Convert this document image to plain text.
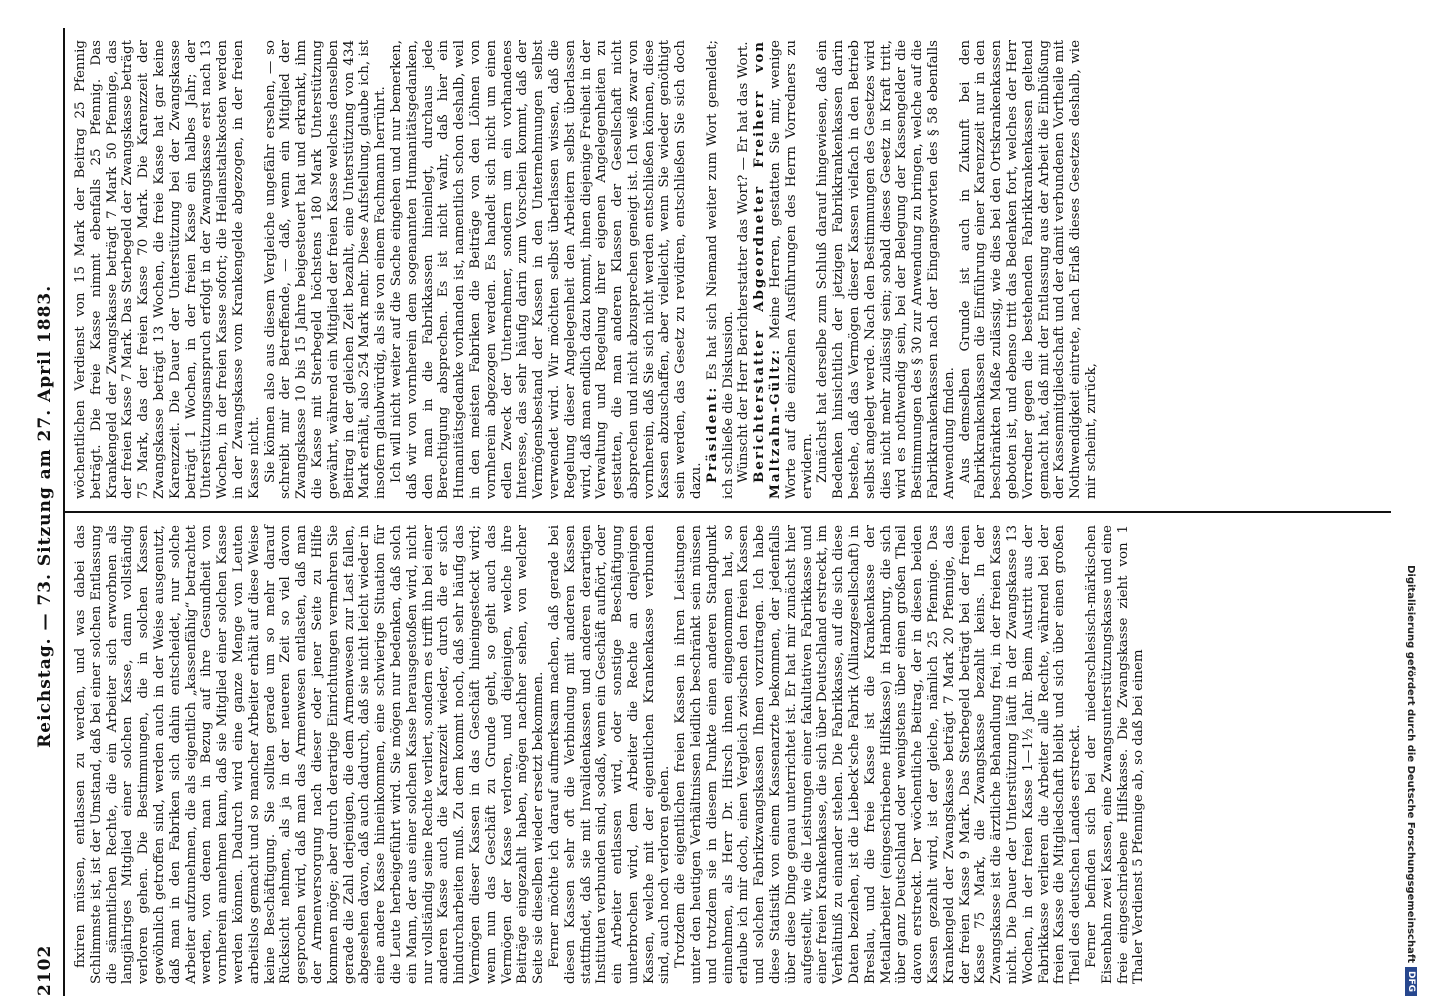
2102
Reichstag. — 73. Sitzung am 27. April 1883. fixiren müssen, entlassen zu werden, und was dabei das Schlimmste ist, ist der Umstand, daß bei einer solchen Entlassung die sämmtlichen Rechte, die ein Arbeiter sich erworbnen als langjähriges Mitglied einer solchen Kasse, dann vollständig verloren gehen. Die Bestimmungen, die in solchen Kassen gewöhnlich getroffen sind, werden auch in der Weise ausgenutzt, daß man in den Fabriken sich dahin entscheidet, nur solche Arbeiter aufzunehmen, die als eigentlich „kassenfähig“ betrachtet werden, von denen man in Bezug auf ihre Gesundheit von vornherein annehmen kann, daß sie Mitglied einer solchen Kasse werden können. Dadurch wird eine ganze Menge von Leuten arbeitslos gemacht und so mancher Arbeiter erhält auf diese Weise keine Beschäftigung. Sie sollten gerade um so mehr darauf Rücksicht nehmen, als ja in der neueren Zeit so viel davon gesprochen wird, daß man das Armenwesen entlasten, daß man der Armenversorgung nach dieser oder jener Seite zu Hilfe kommen möge; aber durch derartige Einrichtungen vermehren Sie gerade die Zahl derjenigen, die dem Armenwesen zur Last fallen, abgesehen davon, daß auch dadurch, daß sie nicht leicht wieder in eine andere Kasse hineinkommen, eine schwierige Situation für die Leute herbeigeführt wird. Sie mögen nur bedenken, daß solch ein Mann, der aus einer solchen Kasse herausgestoßen wird, nicht nur vollständig seine Rechte verliert, sondern es trifft ihn bei einer anderen Kasse auch die Karenzzeit wieder, durch die er sich hindurcharbeiten muß. Zu dem kommt noch, daß sehr häufig das Vermögen dieser Kassen in das Geschäft hineingesteckt wird; wenn nun das Geschäft zu Grunde geht, so geht auch das Vermögen der Kasse verloren, und diejenigen, welche ihre Beiträge eingezahlt haben, mögen nachher sehen, von welcher Seite sie dieselben wieder ersetzt bekommen. Ferner möchte ich darauf aufmerksam machen, daß gerade bei diesen Kassen sehr oft die Verbindung mit anderen Kassen stattfindet, daß sie mit Invalidenkassen und anderen derartigen Instituten verbunden sind, sodaß, wenn ein Geschäft aufhört, oder ein Arbeiter entlassen wird, oder sonstige Beschäftigung unterbrochen wird, dem Arbeiter die Rechte an denjenigen Kassen, welche mit der eigentlichen Krankenkasse verbunden sind, auch noch verloren gehen. Trotzdem die eigentlichen freien Kassen in ihren Leistungen unter den heutigen Verhältnissen leidlich beschränkt sein müssen und trotzdem sie in diesem Punkte einen anderen Standpunkt einnehmen, als Herr Dr. Hirsch ihnen eingenommen hat, so erlaube ich mir doch, einen Vergleich zwischen den freien Kassen und solchen Fabrikzwangskassen Ihnen vorzutragen. Ich habe diese Statistik von einem Kassenarzte bekommen, der jedenfalls über diese Dinge genau unterrichtet ist. Er hat mir zunächst hier aufgestellt, wie die Leistungen einer fakultativen Fabrikkasse und einer freien Krankenkasse, die sich über Deutschland erstreckt, im Verhältniß zu einander stehen. Die Fabrikkasse, auf die sich diese Daten beziehen, ist die Liebeck'sche Fabrik (Allianzgesellschaft) in Breslau, und die freie Kasse ist die Krankenkasse der Metallarbeiter (eingeschriebene Hilfskasse) in Hamburg, die sich über ganz Deutschland oder wenigstens über einen großen Theil davon erstreckt. Der wöchentliche Beitrag, der in diesen beiden Kassen gezahlt wird, ist der gleiche, nämlich 25 Pfennige. Das Krankengeld der Zwangskasse beträgt 7 Mark 20 Pfennige, das der freien Kasse 9 Mark. Das Sterbegeld beträgt bei der freien Kasse 75 Mark, die Zwangskasse bezahlt keins. In der Zwangskasse ist die ärztliche Behandlung frei, in der freien Kasse nicht. Die Dauer der Unterstützung läuft in der Zwangskasse 13 Wochen, in der freien Kasse 1—1½ Jahr. Beim Austritt aus der Fabrikkasse verlieren die Arbeiter alle Rechte, während bei der freien Kasse die Mitgliedschaft bleibt und sich über einen großen Theil des deutschen Landes erstreckt. Ferner befinden sich bei der niederschlesisch-märkischen Eisenbahn zwei Kassen, eine Zwangsunterstützungskasse und eine freie eingeschriebene Hilfskasse. Die Zwangskasse zieht von 1 Thaler Verdienst 5 Pfennige ab, so daß bei einem

wöchentlichen Verdienst von 15 Mark der Beitrag 25 Pfennig beträgt. Die freie Kasse nimmt ebenfalls 25 Pfennig. Das Krankengeld der Zwangskasse beträgt 7 Mark 50 Pfennige, das der freien Kasse 7 Mark. Das Sterbegeld der Zwangskasse beträgt 75 Mark, das der freien Kasse 70 Mark. Die Karenzzeit der Zwangskasse beträgt 13 Wochen, die freie Kasse hat gar keine Karenzzeit. Die Dauer der Unterstützung bei der Zwangskasse beträgt 1 Wochen, in der freien Kasse ein halbes Jahr; der Unterstützungsanspruch erfolgt in der Zwangskasse erst nach 13 Wochen, in der freien Kasse sofort; die Heilanstaltskosten werden in der Zwangskasse vom Krankengelde abgezogen, in der freien Kasse nicht. Sie können also aus diesem Vergleiche ungefähr ersehen, — so schreibt mir der Betreffende, — daß, wenn ein Mitglied der Zwangskasse 10 bis 15 Jahre beigesteuert hat und erkrankt, ihm die Kasse mit Sterbegeld höchstens 180 Mark Unterstützung gewährt, während ein Mitglied der freien Kasse welches denselben Beitrag in der gleichen Zeit bezahlt, eine Unterstützung von 434 Mark erhält, also 254 Mark mehr. Diese Aufstellung, glaube ich, ist insofern glaubwürdig, als sie von einem Fachmann herrührt. Ich will nicht weiter auf die Sache eingehen und nur bemerken, daß wir von vornherein dem sogenannten Humanitätsgedanken, den man in die Fabrikkassen hineinlegt, durchaus jede Berechtigung absprechen. Es ist nicht wahr, daß hier ein Humanitätsgedanke vorhanden ist, namentlich schon deshalb, weil in den meisten Fabriken die Beiträge von den Löhnen von vornherein abgezogen werden. Es handelt sich nicht um einen edlen Zweck der Unternehmer, sondern um ein vorhandenes Interesse, das sehr häufig darin zum Vorschein kommt, daß der Vermögensbestand der Kassen in den Unternehmungen selbst verwendet wird. Wir möchten selbst überlassen wissen, daß die Regelung dieser Angelegenheit den Arbeitern selbst überlassen wird, daß man endlich dazu kommt, ihnen diejenige Freiheit in der Verwaltung und Regelung ihrer eigenen Angelegenheiten zu gestatten, die man anderen Klassen der Gesellschaft nicht absprechen und nicht abzusprechen geneigt ist. Ich weiß zwar von vornherein, daß Sie sich nicht werden entschließen können, diese Kassen abzuschaffen, aber vielleicht, wenn Sie wieder genöthigt sein werden, das Gesetz zu revidiren, entschließen Sie sich doch dazu. Präsident: Es hat sich Niemand weiter zum Wort gemeldet; ich schließe die Diskussion. Wünscht der Herr Berichterstatter das Wort? — Er hat das Wort. Berichterstatter Abgeordneter Freiherr von Maltzahn-Gültz: Meine Herren, gestatten Sie mir, wenige Worte auf die einzelnen Ausführungen des Herrn Vorredners zu erwidern. Zunächst hat derselbe zum Schluß darauf hingewiesen, daß ein Bedenken hinsichtlich der jetzigen Fabrikkrankenkassen darin bestehe, daß das Vermögen dieser Kassen vielfach in den Betrieb selbst angelegt werde. Nach den Bestimmungen des Gesetzes wird dies nicht mehr zulässig sein; sobald dieses Gesetz in Kraft tritt, wird es nothwendig sein, bei der Belegung der Kassengelder die Bestimmungen des § 30 zur Anwendung zu bringen, welche auf die Fabrikkrankenkassen nach der Eingangsworten des § 58 ebenfalls Anwendung finden. Aus demselben Grunde ist auch in Zukunft bei den Fabrikkrankenkassen die Einführung einer Karenzzeit nur in den beschränkten Maße zulässig, wie dies bei den Ortskrankenkassen geboten ist, und ebenso tritt das Bedenken fort, welches der Herr Vorredner gegen die bestehenden Fabrikkrankenkassen geltend gemacht hat, daß mit der Entlassung aus der Arbeit die Einbüßung der Kassenmitgliedschaft und der damit verbundenen Vortheile mit Nothwendigkeit eintrete, nach Erlaß dieses Gesetzes deshalb, wie mir scheint, zurück,

Digitalisierung gefördert durch die Deutsche Forschungsgemeinschaft
DFG
